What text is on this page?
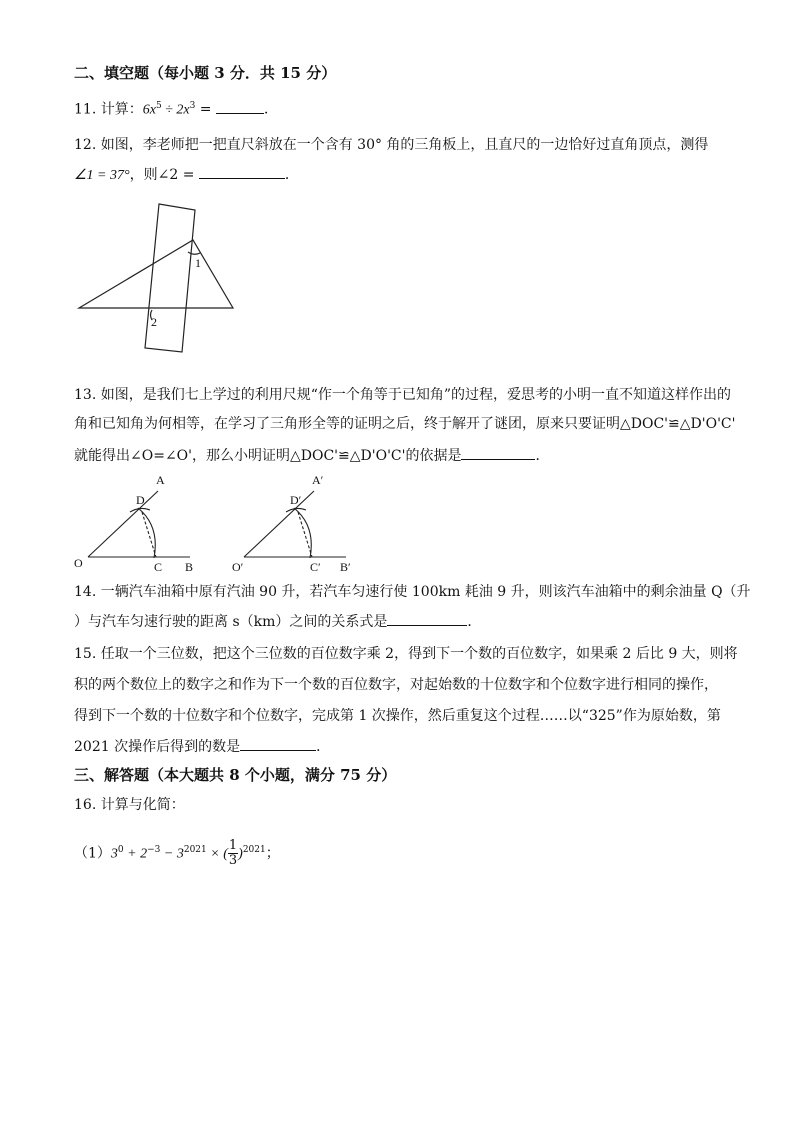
二、填空题（每小题 3 分．共 15 分）
11. 计算：$6x^5 \div 2x^3$ =	．
12. 如图，李老师把一把直尺斜放在一个含有 30° 角的三角板上，且直尺的一边恰好过直角顶点，测得
∠1 = 37°，则∠2 =	．
1
2
13. 如图，是我们七上学过的利用尺规“作一个角等于已知角”的过程，爱思考的小明一直不知道这样作出的
角和已知角为何相等，在学习了三角形全等的证明之后，终于解开了谜团，原来只要证明△DOC'≌△D'O'C'
就能得出∠O=∠O'，那么小明证明△DOC'≌△D'O'C'的依据是	．
A
D
O	C B
A′
D′
O′	C′ B′
14. 一辆汽车油箱中原有汽油 90 升，若汽车匀速行使 100km 耗油 9 升，则该汽车油箱中的剩余油量 Q（升
）与汽车匀速行驶的距离 s（km）之间的关系式是	．
15. 任取一个三位数，把这个三位数的百位数字乘 2，得到下一个数的百位数字，如果乘 2 后比 9 大，则将
积的两个数位上的数字之和作为下一个数的百位数字，对起始数的十位数字和个位数字进行相同的操作，
得到下一个数的十位数字和个位数字，完成第 1 次操作，然后重复这个过程……以“325”作为原始数，第
2021 次操作后得到的数是	．
三、解答题（本大题共 8 个小题，满分 75 分）
16. 计算与化简：
$(1)3^0 + 2^{-3} - 3^{2021}$ × ( $\frac{1}{3} )^{2021}$；
